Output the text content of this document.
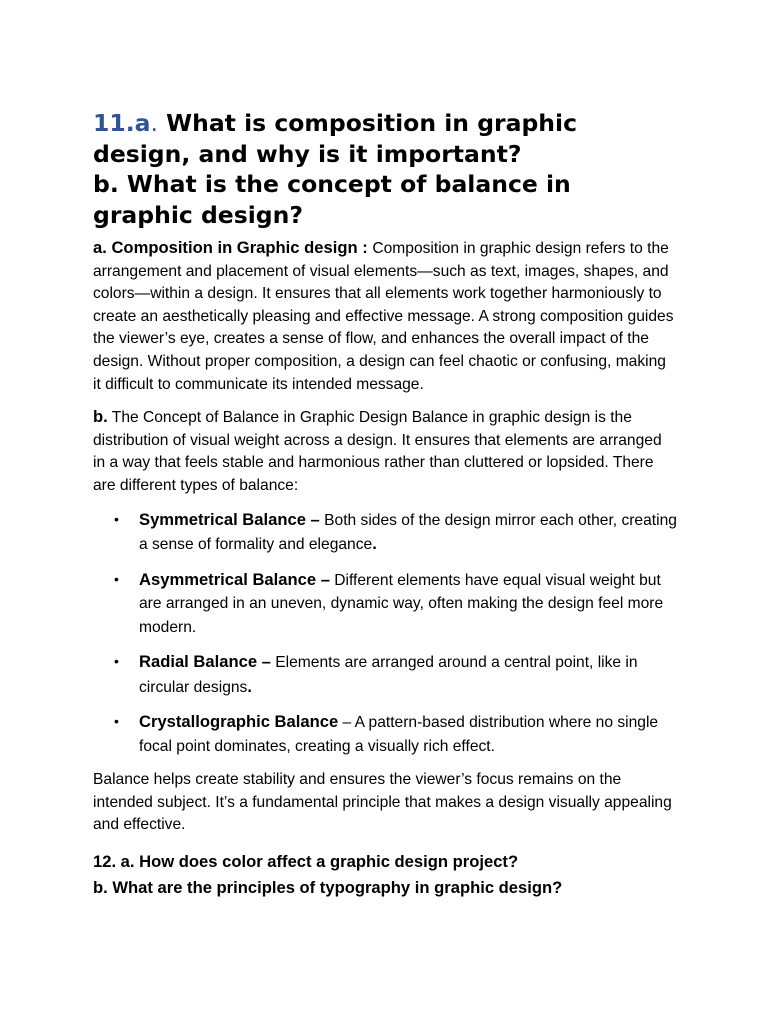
11.a. What is composition in graphic design, and why is it important?
b. What is the concept of balance in graphic design?

a. Composition in Graphic design : Composition in graphic design refers to the arrangement and placement of visual elements—such as text, images, shapes, and colors—within a design. It ensures that all elements work together harmoniously to create an aesthetically pleasing and effective message. A strong composition guides the viewer’s eye, creates a sense of flow, and enhances the overall impact of the design. Without proper composition, a design can feel chaotic or confusing, making it difficult to communicate its intended message.

b. The Concept of Balance in Graphic Design Balance in graphic design is the distribution of visual weight across a design. It ensures that elements are arranged in a way that feels stable and harmonious rather than cluttered or lopsided. There are different types of balance:

• Symmetrical Balance – Both sides of the design mirror each other, creating a sense of formality and elegance.
• Asymmetrical Balance – Different elements have equal visual weight but are arranged in an uneven, dynamic way, often making the design feel more modern.
• Radial Balance – Elements are arranged around a central point, like in circular designs.
• Crystallographic Balance – A pattern-based distribution where no single focal point dominates, creating a visually rich effect.

Balance helps create stability and ensures the viewer’s focus remains on the intended subject. It’s a fundamental principle that makes a design visually appealing and effective.

12. a. How does color affect a graphic design project?
b. What are the principles of typography in graphic design?
